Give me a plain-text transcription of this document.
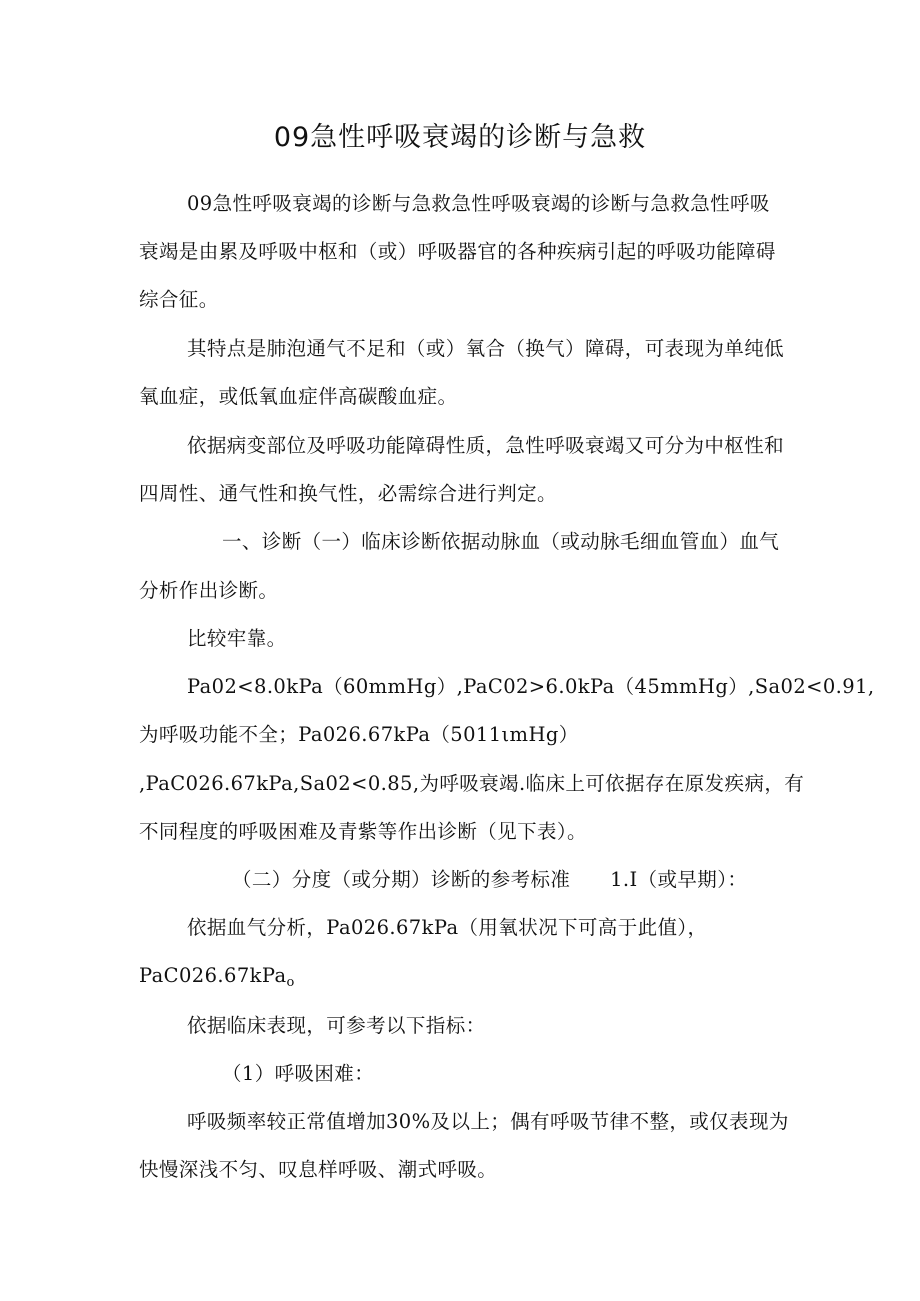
09急性呼吸衰竭的诊断与急救
09急性呼吸衰竭的诊断与急救急性呼吸衰竭的诊断与急救急性呼吸
衰竭是由累及呼吸中枢和（或）呼吸器官的各种疾病引起的呼吸功能障碍
综合征。
其特点是肺泡通气不足和（或）氧合（换气）障碍，可表现为单纯低
氧血症，或低氧血症伴高碳酸血症。
依据病变部位及呼吸功能障碍性质，急性呼吸衰竭又可分为中枢性和
四周性、通气性和换气性，必需综合进行判定。
一、诊断（一）临床诊断依据动脉血（或动脉毛细血管血）血气
分析作出诊断。
比较牢靠。
Pa02<8.0kPa（60mmHg）,PaC02>6.0kPa（45mmHg）,Sa02<0.91,
为呼吸功能不全；Pa026.67kPa（5011ιmHg）
,PaC026.67kPa,Sa02<0.85,为呼吸衰竭.临床上可依据存在原发疾病，有
不同程度的呼吸困难及青紫等作出诊断（见下表）。
（二）分度（或分期）诊断的参考标准　　1.I（或早期）：
依据血气分析，Pa026.67kPa（用氧状况下可高于此值），
PaC026.67kPa$_o$
依据临床表现，可参考以下指标：
（1）呼吸困难：
呼吸频率较正常值增加30%及以上；偶有呼吸节律不整，或仅表现为
快慢深浅不匀、叹息样呼吸、潮式呼吸。
